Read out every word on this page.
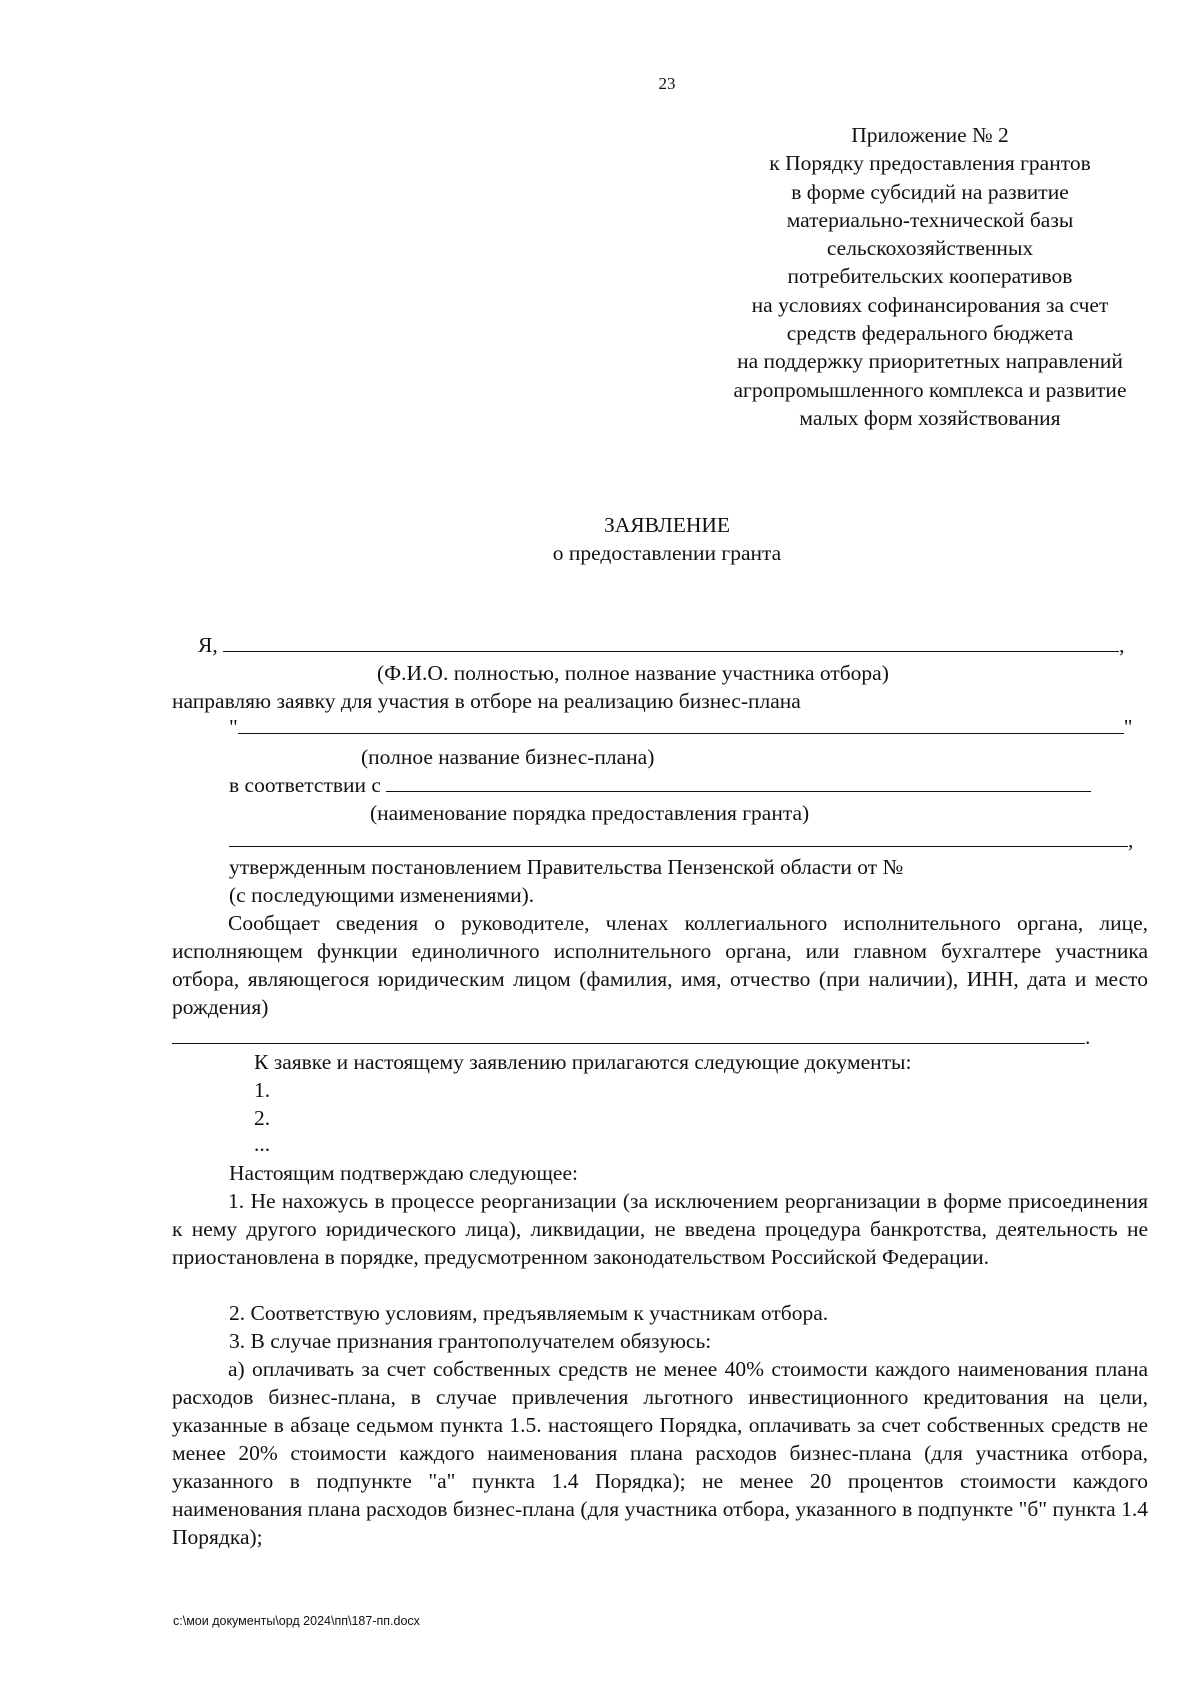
23
Приложение № 2
к Порядку предоставления грантов
в форме субсидий на развитие
материально-технической базы
сельскохозяйственных
потребительских кооперативов
на условиях софинансирования за счет
средств федерального бюджета
на поддержку приоритетных направлений
агропромышленного комплекса и развитие
малых форм хозяйствования
ЗАЯВЛЕНИЕ
о предоставлении гранта
Я,	,
(Ф.И.О. полностью, полное название участника отбора)
направляю заявку для участия в отборе на реализацию бизнес-плана
"	"
(полное название бизнес-плана)
в соответствии с
(наименование порядка предоставления гранта)
,
утвержденным постановлением Правительства Пензенской области от №
(с последующими изменениями).
Сообщает сведения о руководителе, членах коллегиального исполнительного органа, лице, исполняющем функции единоличного исполнительного органа, или главном бухгалтере участника отбора, являющегося юридическим лицом (фамилия, имя, отчество (при наличии), ИНН, дата и место рождения)
.
К заявке и настоящему заявлению прилагаются следующие документы:
1.
2.
...
Настоящим подтверждаю следующее:
1. Не нахожусь в процессе реорганизации (за исключением реорганизации в форме присоединения к нему другого юридического лица), ликвидации, не введена процедура банкротства, деятельность не приостановлена в порядке, предусмотренном законодательством Российской Федерации.
2. Соответствую условиям, предъявляемым к участникам отбора.
3. В случае признания грантополучателем обязуюсь:
а) оплачивать за счет собственных средств не менее 40% стоимости каждого наименования плана расходов бизнес-плана, в случае привлечения льготного инвестиционного кредитования на цели, указанные в абзаце седьмом пункта 1.5. настоящего Порядка, оплачивать за счет собственных средств не менее 20% стоимости каждого наименования плана расходов бизнес-плана (для участника отбора, указанного в подпункте "а" пункта 1.4 Порядка); не менее 20 процентов стоимости каждого наименования плана расходов бизнес-плана (для участника отбора, указанного в подпункте "б" пункта 1.4 Порядка);
c:\мои документы\орд 2024\пп\187-пп.docx
